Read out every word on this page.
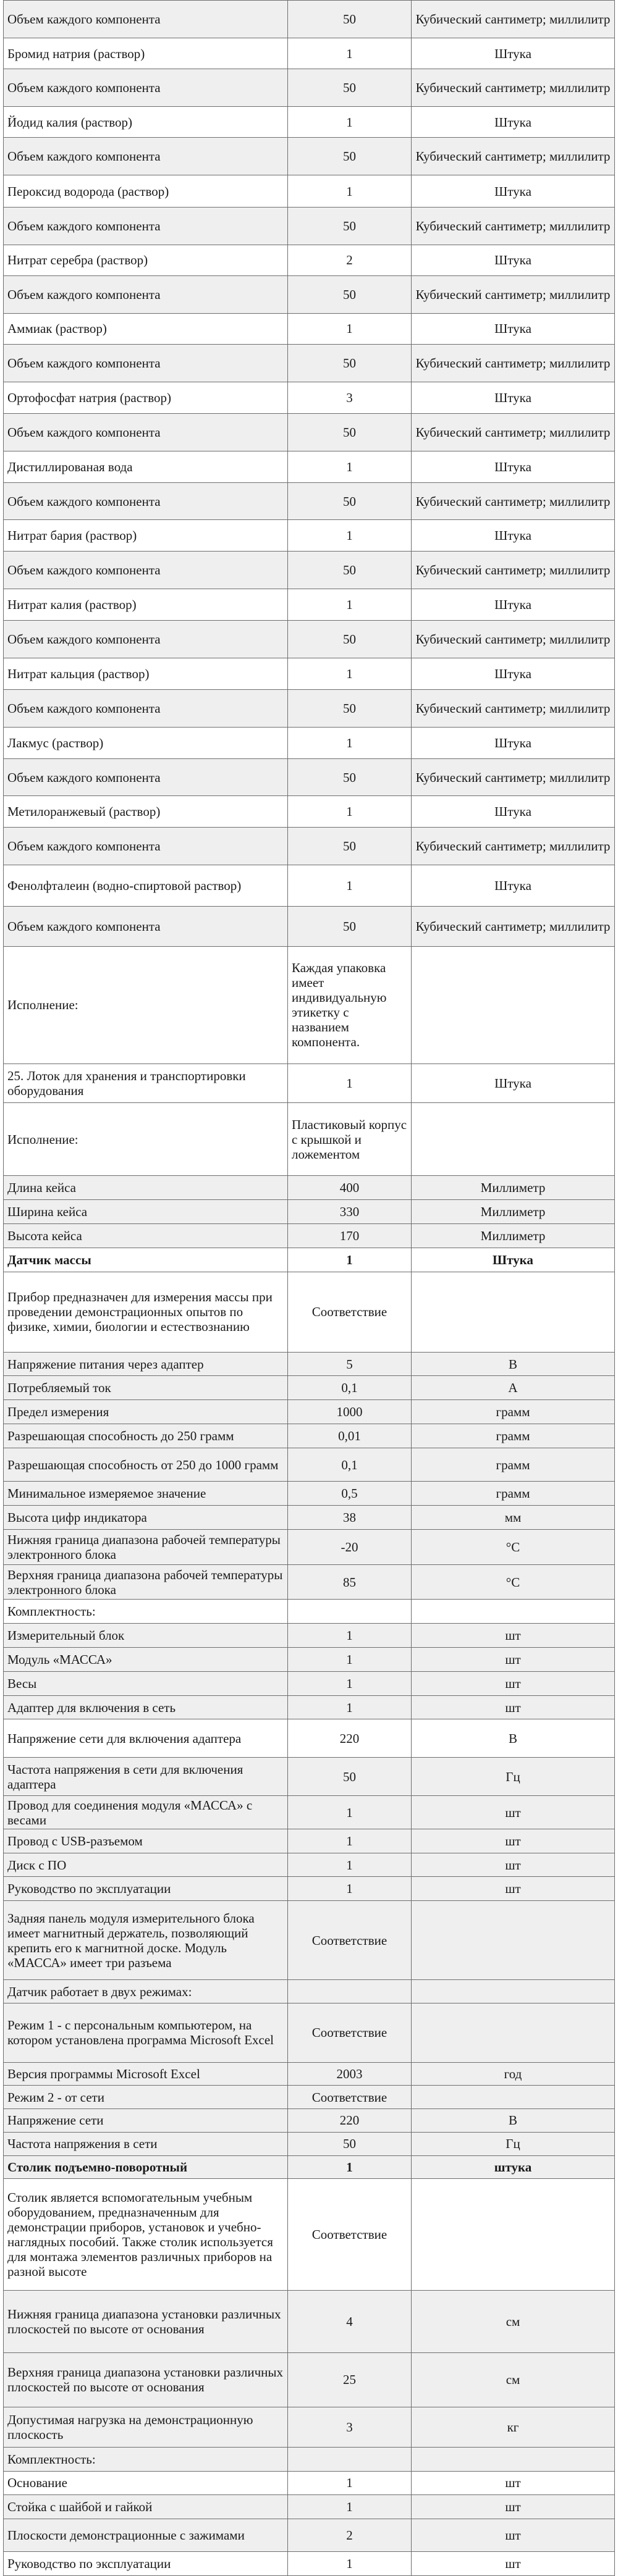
Объем каждого компонента	50	Кубический сантиметр; миллилитр
Бромид натрия (раствор)	1	Штука
Объем каждого компонента	50	Кубический сантиметр; миллилитр
Йодид калия (раствор)	1	Штука
Объем каждого компонента	50	Кубический сантиметр; миллилитр
Пероксид водорода (раствор)	1	Штука
Объем каждого компонента	50	Кубический сантиметр; миллилитр
Нитрат серебра (раствор)	2	Штука
Объем каждого компонента	50	Кубический сантиметр; миллилитр
Аммиак (раствор)	1	Штука
Объем каждого компонента	50	Кубический сантиметр; миллилитр
Ортофосфат натрия (раствор)	3	Штука
Объем каждого компонента	50	Кубический сантиметр; миллилитр
Дистиллированая вода	1	Штука
Объем каждого компонента	50	Кубический сантиметр; миллилитр
Нитрат бария (раствор)	1	Штука
Объем каждого компонента	50	Кубический сантиметр; миллилитр
Нитрат калия (раствор)	1	Штука
Объем каждого компонента	50	Кубический сантиметр; миллилитр
Нитрат кальция (раствор)	1	Штука
Объем каждого компонента	50	Кубический сантиметр; миллилитр
Лакмус (раствор)	1	Штука
Объем каждого компонента	50	Кубический сантиметр; миллилитр
Метилоранжевый (раствор)	1	Штука
Объем каждого компонента	50	Кубический сантиметр; миллилитр
Фенолфталеин (водно-спиртовой раствор)	1	Штука
Объем каждого компонента	50	Кубический сантиметр; миллилитр
Исполнение:	Каждая упаковка имеет индивидуальную этикетку с названием компонента.	
25. Лоток для хранения и транспортировки оборудования	1	Штука
Исполнение:	Пластиковый корпус с крышкой и ложементом	
Длина кейса	400	Миллиметр
Ширина кейса	330	Миллиметр
Высота кейса	170	Миллиметр
Датчик массы	1	Штука
Прибор предназначен для измерения массы при проведении демонстрационных опытов по физике, химии, биологии и естествознанию	Соответствие	
Напряжение питания через адаптер	5	В
Потребляемый ток	0,1	А
Предел измерения	1000	грамм
Разрешающая способность до 250 грамм	0,01	грамм
Разрешающая способность от 250 до 1000 грамм	0,1	грамм
Минимальное измеряемое значение	0,5	грамм
Высота цифр индикатора	38	мм
Нижняя граница диапазона рабочей температуры электронного блока	-20	°С
Верхняя граница диапазона рабочей температуры электронного блока	85	°С
Комплектность:		
Измерительный блок	1	шт
Модуль «МАССА»	1	шт
Весы	1	шт
Адаптер для включения в сеть	1	шт
Напряжение сети для включения адаптера	220	В
Частота напряжения в сети для включения адаптера	50	Гц
Провод для соединения модуля «МАССА» с весами	1	шт
Провод с USB-разъемом	1	шт
Диск с ПО	1	шт
Руководство по эксплуатации	1	шт
Задняя панель модуля измерительного блока имеет магнитный держатель, позволяющий крепить его к магнитной доске. Модуль «МАССА» имеет три разъема	Соответствие	
Датчик работает в двух режимах:		
Режим 1 - с персональным компьютером, на котором установлена программа Microsoft Excel	Соответствие	
Версия программы Microsoft Excel	2003	год
Режим 2 - от сети	Соответствие	
Напряжение сети	220	В
Частота напряжения в сети	50	Гц
Столик подъемно-поворотный	1	штука
Столик является вспомогательным учебным оборудованием, предназначенным для демонстрации приборов, установок и учебно-наглядных пособий. Также столик используется для монтажа элементов различных приборов на разной высоте	Соответствие	
Нижняя граница диапазона установки различных плоскостей по высоте от основания	4	см
Верхняя граница диапазона установки различных плоскостей по высоте от основания	25	см
Допустимая нагрузка на демонстрационную плоскость	3	кг
Комплектность:		
Основание	1	шт
Стойка с шайбой и гайкой	1	шт
Плоскости демонстрационные с зажимами	2	шт
Руководство по эксплуатации	1	шт
